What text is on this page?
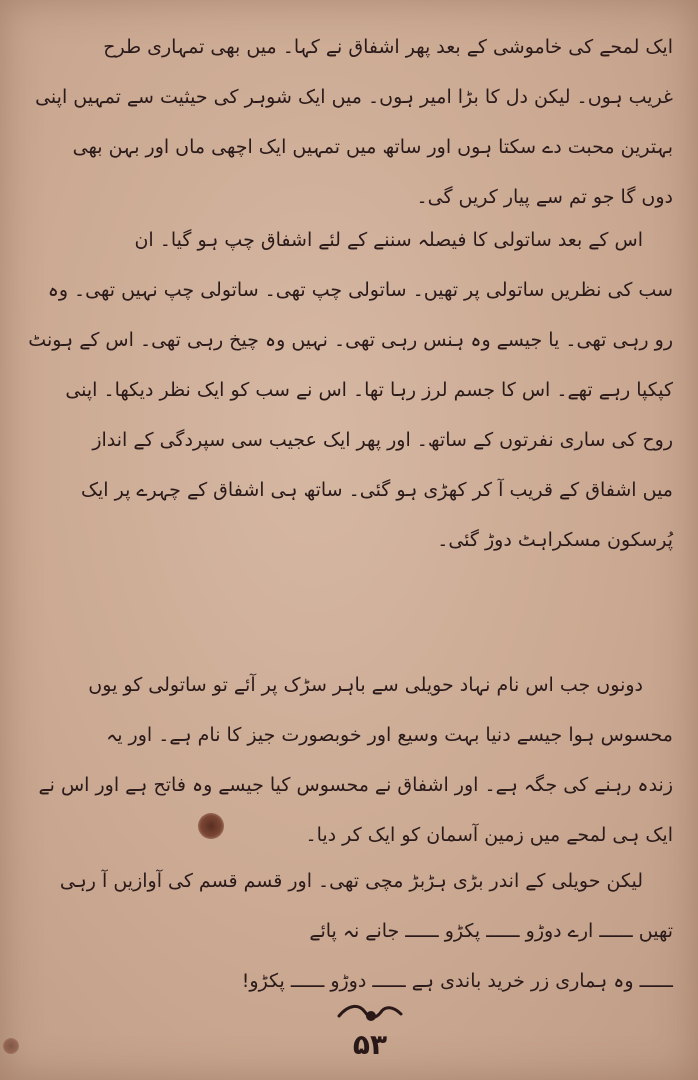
ایک لمحے کی خاموشی کے بعد پھر اشفاق نے کہا۔ میں بھی تمہاری طرح
غریب ہوں۔ لیکن دل کا بڑا امیر ہوں۔ میں ایک شوہر کی حیثیت سے تمہیں اپنی
بہترین محبت دے سکتا ہوں اور ساتھ میں تمہیں ایک اچھی ماں اور بہن بھی
دوں گا جو تم سے پیار کریں گی۔
اس کے بعد ساتولی کا فیصلہ سننے کے لئے اشفاق چپ ہو گیا۔ ان
سب کی نظریں ساتولی پر تھیں۔ ساتولی چپ تھی۔ ساتولی چپ نہیں تھی۔ وہ
رو رہی تھی۔ یا جیسے وہ ہنس رہی تھی۔ نہیں وہ چیخ رہی تھی۔ اس کے ہونٹ
کپکپا رہے تھے۔ اس کا جسم لرز رہا تھا۔ اس نے سب کو ایک نظر دیکھا۔ اپنی
روح کی ساری نفرتوں کے ساتھ۔ اور پھر ایک عجیب سی سپردگی کے انداز
میں اشفاق کے قریب آ کر کھڑی ہو گئی۔ ساتھ ہی اشفاق کے چہرے پر ایک
پُرسکون مسکراہٹ دوڑ گئی۔
دونوں جب اس نام نہاد حویلی سے باہر سڑک پر آئے تو ساتولی کو یوں
محسوس ہوا جیسے دنیا بہت وسیع اور خوبصورت جیز کا نام ہے۔ اور یہ
زندہ رہنے کی جگہ ہے۔ اور اشفاق نے محسوس کیا جیسے وہ فاتح ہے اور اس نے
ایک ہی لمحے میں زمین آسمان کو ایک کر دیا۔
لیکن حویلی کے اندر بڑی ہڑبڑ مچی تھی۔ اور قسم قسم کی آوازیں آ رہی
تھیں ــــــ ارے دوڑو ــــــ پکڑو ــــــ جانے نہ پائے
ــــــ وہ ہماری زر خرید باندی ہے ــــــ دوڑو ــــــ پکڑو!
۵۳
